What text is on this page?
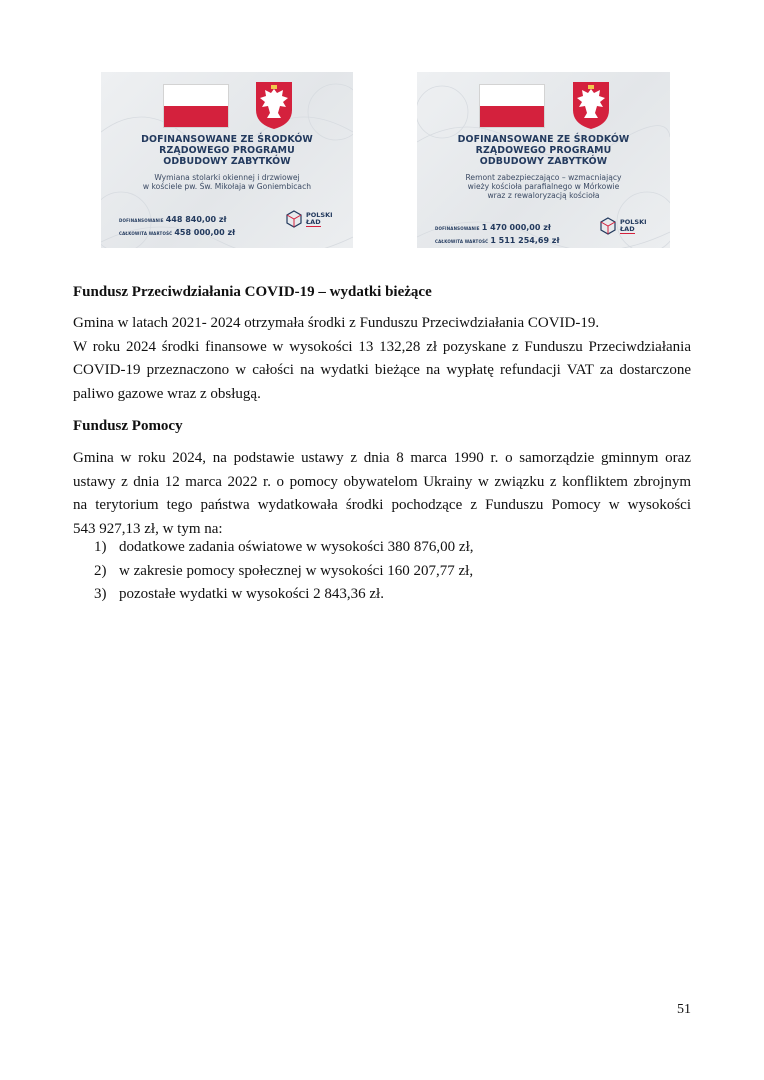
DOFINANSOWANE ZE ŚRODKÓW
RZĄDOWEGO PROGRAMU
ODBUDOWY ZABYTKÓW
Wymiana stolarki okiennej i drzwiowej
w kościele pw. Św. Mikołaja w Goniembicach
DOFINANSOWANIE 448 840,00 zł
CAŁKOWITA WARTOŚĆ 458 000,00 zł
POLSKI
ŁAD
DOFINANSOWANE ZE ŚRODKÓW
RZĄDOWEGO PROGRAMU
ODBUDOWY ZABYTKÓW
Remont zabezpieczająco – wzmacniający
wieży kościoła parafialnego w Mórkowie
wraz z rewaloryzacją kościoła
DOFINANSOWANIE 1 470 000,00 zł
CAŁKOWITA WARTOŚĆ 1 511 254,69 zł
POLSKI
ŁAD
Fundusz Przeciwdziałania COVID-19 – wydatki bieżące

Gmina w latach 2021- 2024 otrzymała środki z Funduszu Przeciwdziałania COVID-19.
W roku 2024 środki finansowe w wysokości 13 132,28 zł pozyskane z Funduszu Przeciwdziałania
COVID-19 przeznaczono w całości na wydatki bieżące na wypłatę refundacji VAT za dostarczone
paliwo gazowe wraz z obsługą.

Fundusz Pomocy

Gmina w roku 2024, na podstawie ustawy z dnia 8 marca 1990 r. o samorządzie gminnym oraz
ustawy z dnia 12 marca 2022 r. o pomocy obywatelom Ukrainy w związku z konfliktem zbrojnym
na terytorium tego państwa wydatkowała środki pochodzące z Funduszu Pomocy w wysokości
543 927,13 zł, w tym na:

1) dodatkowe zadania oświatowe w wysokości 380 876,00 zł,
2) w zakresie pomocy społecznej w wysokości 160 207,77 zł,
3) pozostałe wydatki w wysokości 2 843,36 zł.
51
